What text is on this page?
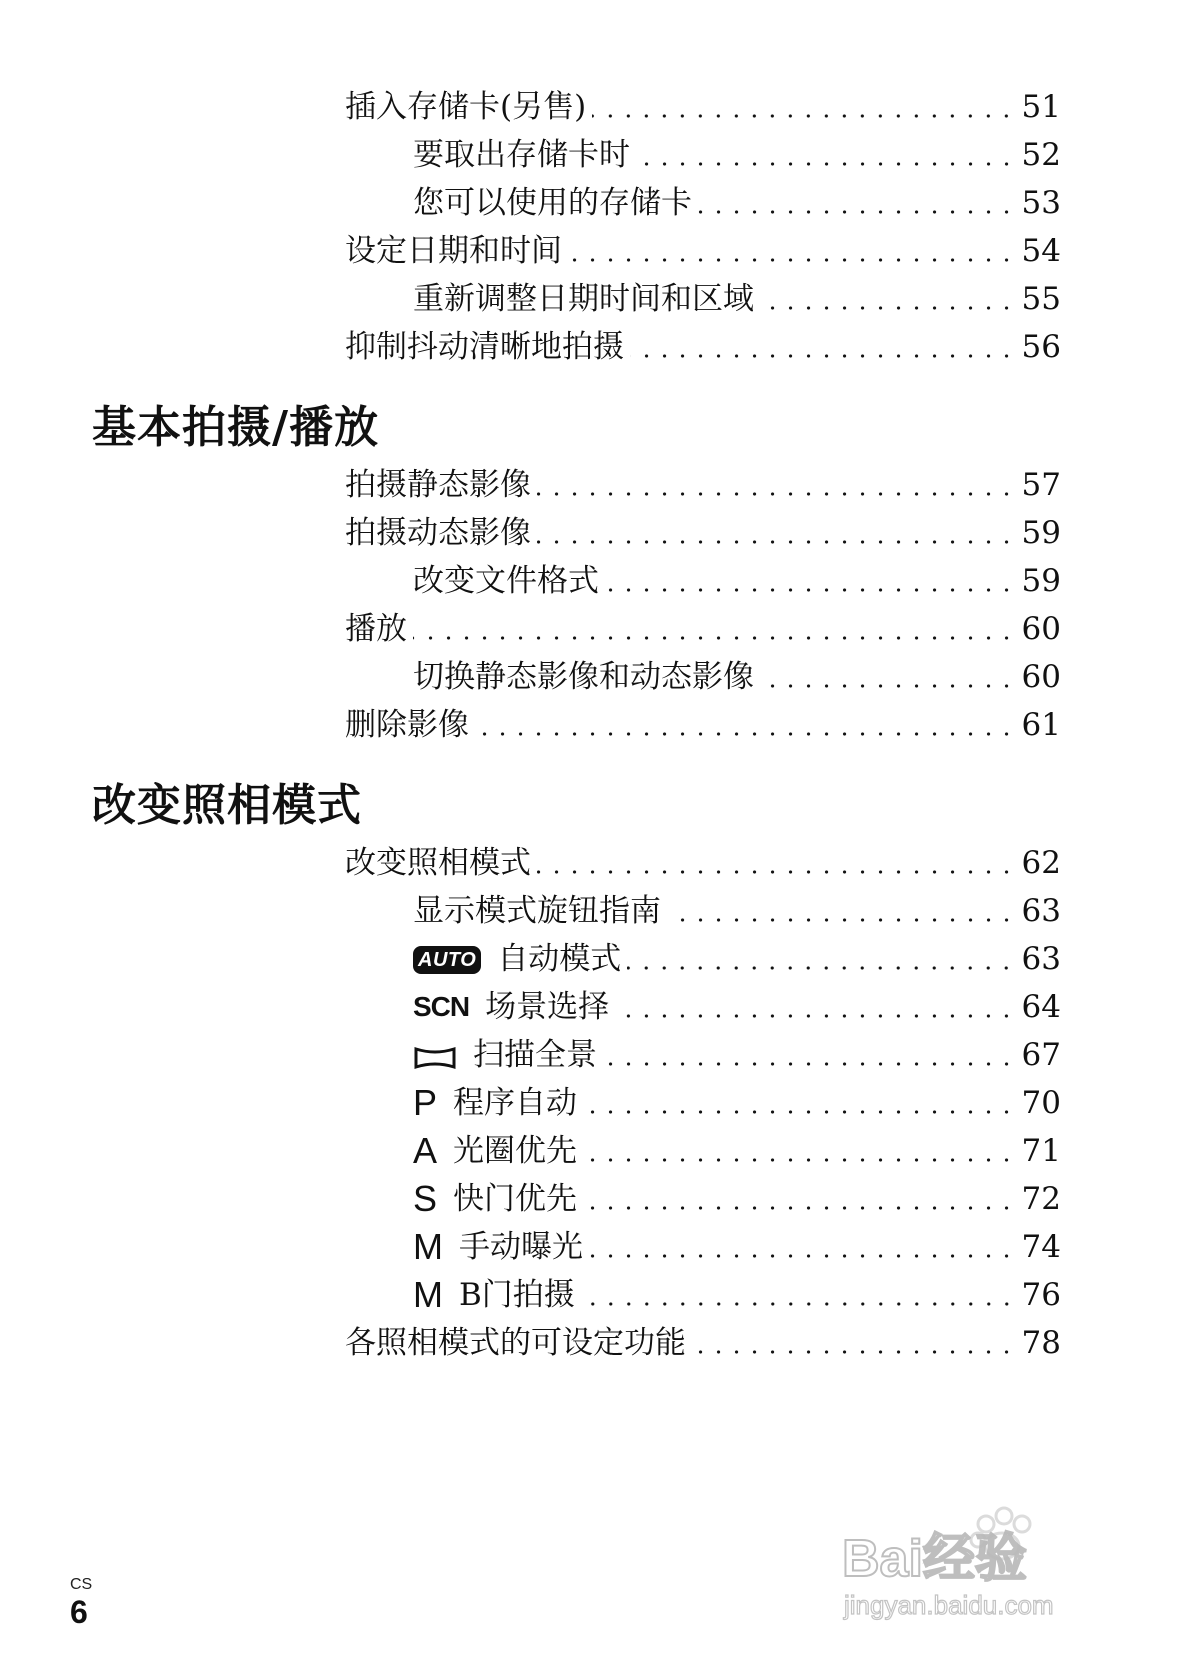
插入存储卡(另售)	51
要取出存储卡时	52
您可以使用的存储卡	53
设定日期和时间	54
重新调整日期时间和区域	55
抑制抖动清晰地拍摄	56
基本拍摄/播放
拍摄静态影像	57
拍摄动态影像	59
改变文件格式	59
播放	60
切换静态影像和动态影像	60
删除影像	61
改变照相模式
改变照相模式	62
显示模式旋钮指南	63
AUTO 自动模式	63
SCN 场景选择	64
扫描全景	67
P 程序自动	70
A 光圈优先	71
S 快门优先	72
M 手动曝光	74
M B门拍摄	76
各照相模式的可设定功能	78
CS
6
Bai经验
jingyan.baidu.com
